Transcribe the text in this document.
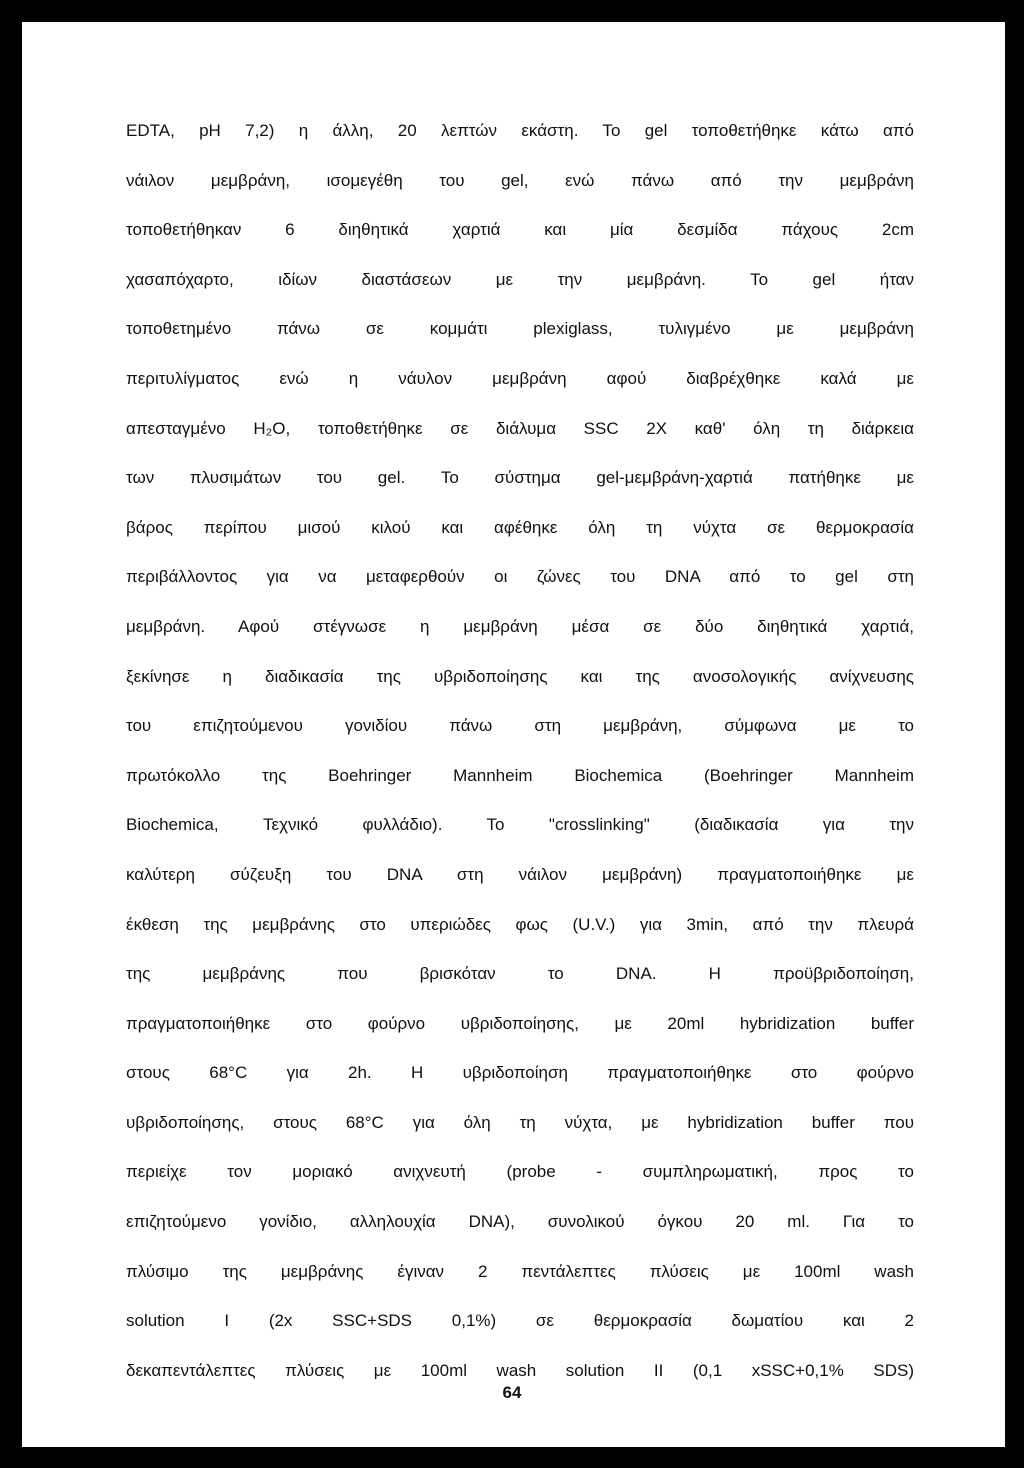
EDTA, pH 7,2) η άλλη, 20 λεπτών εκάστη. Το gel τοποθετήθηκε κάτω από
νάιλον μεμβράνη, ισομεγέθη του gel, ενώ πάνω από την μεμβράνη
τοποθετήθηκαν 6 διηθητικά χαρτιά και μία δεσμίδα πάχους 2cm
χασαπόχαρτο, ιδίων διαστάσεων με την μεμβράνη. Το gel ήταν
τοποθετημένο πάνω σε κομμάτι plexiglass, τυλιγμένο με μεμβράνη
περιτυλίγματος ενώ η νάυλον μεμβράνη αφού διαβρέχθηκε καλά με
απεσταγμένο H₂O, τοποθετήθηκε σε διάλυμα SSC 2X καθ' όλη τη διάρκεια
των πλυσιμάτων του gel. Το σύστημα gel-μεμβράνη-χαρτιά πατήθηκε με
βάρος περίπου μισού κιλού και αφέθηκε όλη τη νύχτα σε θερμοκρασία
περιβάλλοντος για να μεταφερθούν οι ζώνες του DNA από το gel στη
μεμβράνη. Αφού στέγνωσε η μεμβράνη μέσα σε δύο διηθητικά χαρτιά,
ξεκίνησε η διαδικασία της υβριδοποίησης και της ανοσολογικής ανίχνευσης
του επιζητούμενου γονιδίου πάνω στη μεμβράνη, σύμφωνα με το
πρωτόκολλο της Boehringer Mannheim Biochemica (Boehringer Mannheim
Biochemica, Τεχνικό φυλλάδιο). Το "crosslinking" (διαδικασία για την
καλύτερη σύζευξη του DNA στη νάιλον μεμβράνη) πραγματοποιήθηκε με
έκθεση της μεμβράνης στο υπεριώδες φως (U.V.) για 3min, από την πλευρά
της μεμβράνης που βρισκόταν το DNA. Η προϋβριδοποίηση,
πραγματοποιήθηκε στο φούρνο υβριδοποίησης, με 20ml hybridization buffer
στους 68°C για 2h. Η υβριδοποίηση πραγματοποιήθηκε στο φούρνο
υβριδοποίησης, στους 68°C για όλη τη νύχτα, με hybridization buffer που
περιείχε τον μοριακό ανιχνευτή (probe - συμπληρωματική, προς το
επιζητούμενο γονίδιο, αλληλουχία DNA), συνολικού όγκου 20 ml. Για το
πλύσιμο της μεμβράνης έγιναν 2 πεντάλεπτες πλύσεις με 100ml wash
solution I (2x SSC+SDS 0,1%) σε θερμοκρασία δωματίου και 2
δεκαπεντάλεπτες πλύσεις με 100ml wash solution II (0,1 xSSC+0,1% SDS)
64
